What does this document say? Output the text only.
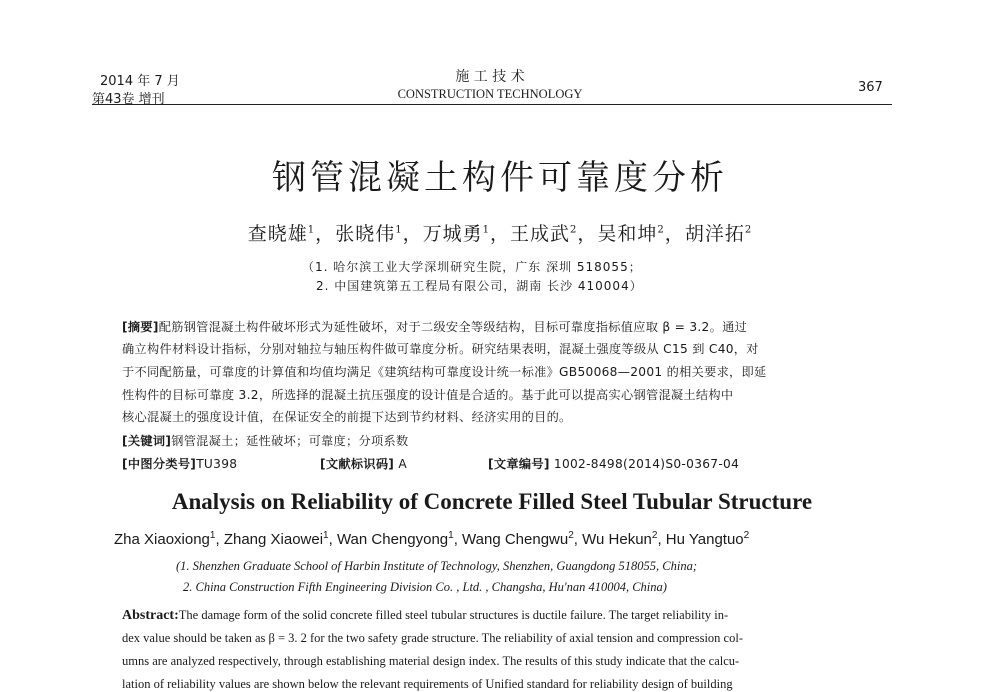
2014 年 7 月
第43卷 增刊
施 工 技 术
CONSTRUCTION TECHNOLOGY	367
钢管混凝土构件可靠度分析
查晓雄$^1$，张晓伟$^1$，万城勇$^1$，王成武$^2$，吴和坤$^2$，胡洋拓$^2$
（1. 哈尔滨工业大学深圳研究生院，广东 深圳 518055；
2. 中国建筑第五工程局有限公司，湖南 长沙 410004）
[摘要]配筋钢管混凝土构件破坏形式为延性破坏，对于二级安全等级结构，目标可靠度指标值应取 β = 3.2。通过
确立构件材料设计指标，分别对轴拉与轴压构件做可靠度分析。研究结果表明，混凝土强度等级从 C15 到 C40，对
于不同配筋量，可靠度的计算值和均值均满足《建筑结构可靠度设计统一标准》GB50068—2001 的相关要求，即延
性构件的目标可靠度 3.2，所选择的混凝土抗压强度的设计值是合适的。基于此可以提高实心钢管混凝土结构中
核心混凝土的强度设计值，在保证安全的前提下达到节约材料、经济实用的目的。
[关键词]钢管混凝土；延性破坏；可靠度；分项系数
[中图分类号]TU398	[文献标识码] A	[文章编号] 1002-8498(2014)S0-0367-04
Analysis on Reliability of Concrete Filled Steel Tubular Structure
Zha Xiaoxiong$^1$, Zhang Xiaowei$^1$, Wan Chengyong$^1$, Wang Chengwu$^2$, Wu Hekun$^2$, Hu Yangtuo$^2$
(1. Shenzhen Graduate School of Harbin Institute of Technology, Shenzhen, Guangdong 518055, China;
2. China Construction Fifth Engineering Division Co. , Ltd. , Changsha, Hu'nan 410004, China)
Abstract:The damage form of the solid concrete filled steel tubular structures is ductile failure. The target reliability in-
dex value should be taken as β = 3. 2 for the two safety grade structure. The reliability of axial tension and compression col-
umns are analyzed respectively, through establishing material design index. The results of this study indicate that the calcu-
lation of reliability values are shown below the relevant requirements of Unified standard for reliability design of building
